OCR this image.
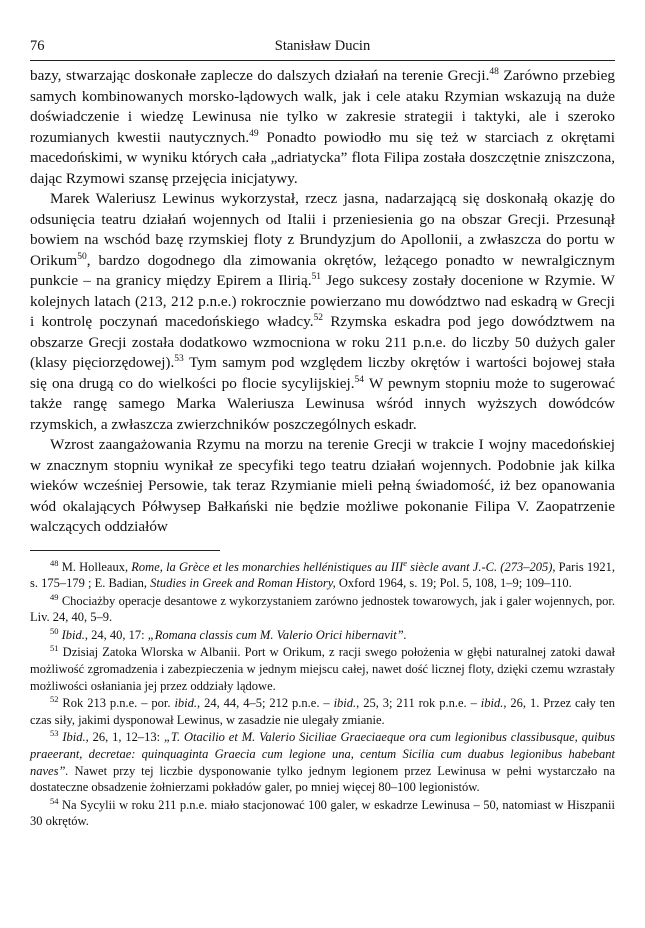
76	Stanisław Ducin

bazy, stwarzając doskonałe zaplecze do dalszych działań na terenie Grecji.$^{48}$ Zarówno przebieg samych kombinowanych morsko-lądowych walk, jak i cele ataku Rzymian wskazują na duże doświadczenie i wiedzę Lewinusa nie tylko w zakresie strategii i taktyki, ale i szeroko rozumianych kwestii nautycznych.$^{49}$ Ponadto powiodło mu się też w starciach z okrętami macedońskimi, w wyniku których cała „adriatycka” flota Filipa została doszczętnie zniszczona, dając Rzymowi szansę przejęcia inicjatywy.

Marek Waleriusz Lewinus wykorzystał, rzecz jasna, nadarzającą się doskonałą okazję do odsunięcia teatru działań wojennych od Italii i przeniesienia go na obszar Grecji. Przesunął bowiem na wschód bazę rzymskiej floty z Brundyzjum do Apollonii, a zwłaszcza do portu w Orikum$^{50}$, bardzo dogodnego dla zimowania okrętów, leżącego ponadto w newralgicznym punkcie – na granicy między Epirem a Ilirią.$^{51}$ Jego sukcesy zostały docenione w Rzymie. W kolejnych latach (213, 212 p.n.e.) rokrocznie powierzano mu dowództwo nad eskadrą w Grecji i kontrolę poczynań macedońskiego władcy.$^{52}$ Rzymska eskadra pod jego dowództwem na obszarze Grecji została dodatkowo wzmocniona w roku 211 p.n.e. do liczby 50 dużych galer (klasy pięciorzędowej).$^{53}$ Tym samym pod względem liczby okrętów i wartości bojowej stała się ona drugą co do wielkości po flocie sycylijskiej.$^{54}$ W pewnym stopniu może to sugerować także rangę samego Marka Waleriusza Lewinusa wśród innych wyższych dowódców rzymskich, a zwłaszcza zwierzchników poszczególnych eskadr.

Wzrost zaangażowania Rzymu na morzu na terenie Grecji w trakcie I wojny macedońskiej w znacznym stopniu wynikał ze specyfiki tego teatru działań wojennych. Podobnie jak kilka wieków wcześniej Persowie, tak teraz Rzymianie mieli pełną świadomość, iż bez opanowania wód okalających Półwysep Bałkański nie będzie możliwe pokonanie Filipa V. Zaopatrzenie walczących oddziałów

$^{48}$ M. Holleaux, Rome, la Grèce et les monarchies hellénistiques au IIIe siècle avant J.-C. (273–205), Paris 1921, s. 175–179 ; E. Badian, Studies in Greek and Roman History, Oxford 1964, s. 19; Pol. 5, 108, 1–9; 109–110.

$^{49}$ Chociażby operacje desantowe z wykorzystaniem zarówno jednostek towarowych, jak i galer wojennych, por. Liv. 24, 40, 5–9.

$^{50}$ Ibid., 24, 40, 17: „Romana classis cum M. Valerio Orici hibernavit”.

$^{51}$ Dzisiaj Zatoka Wlorska w Albanii. Port w Orikum, z racji swego położenia w głębi naturalnej zatoki dawał możliwość zgromadzenia i zabezpieczenia w jednym miejscu całej, nawet dość licznej floty, dzięki czemu wzrastały możliwości osłaniania jej przez oddziały lądowe.

$^{52}$ Rok 213 p.n.e. – por. ibid., 24, 44, 4–5; 212 p.n.e. – ibid., 25, 3; 211 rok p.n.e. – ibid., 26, 1. Przez cały ten czas siły, jakimi dysponował Lewinus, w zasadzie nie ulegały zmianie.

$^{53}$ Ibid., 26, 1, 12–13: „T. Otacilio et M. Valerio Siciliae Graeciaeque ora cum legionibus classibusque, quibus praeerant, decretae: quinquaginta Graecia cum legione una, centum Sicilia cum duabus legionibus habebant naves”. Nawet przy tej liczbie dysponowanie tylko jednym legionem przez Lewinusa w pełni wystarczało na dostateczne obsadzenie żołnierzami pokładów galer, po mniej więcej 80–100 legionistów.

$^{54}$ Na Sycylii w roku 211 p.n.e. miało stacjonować 100 galer, w eskadrze Lewinusa – 50, natomiast w Hiszpanii 30 okrętów.
